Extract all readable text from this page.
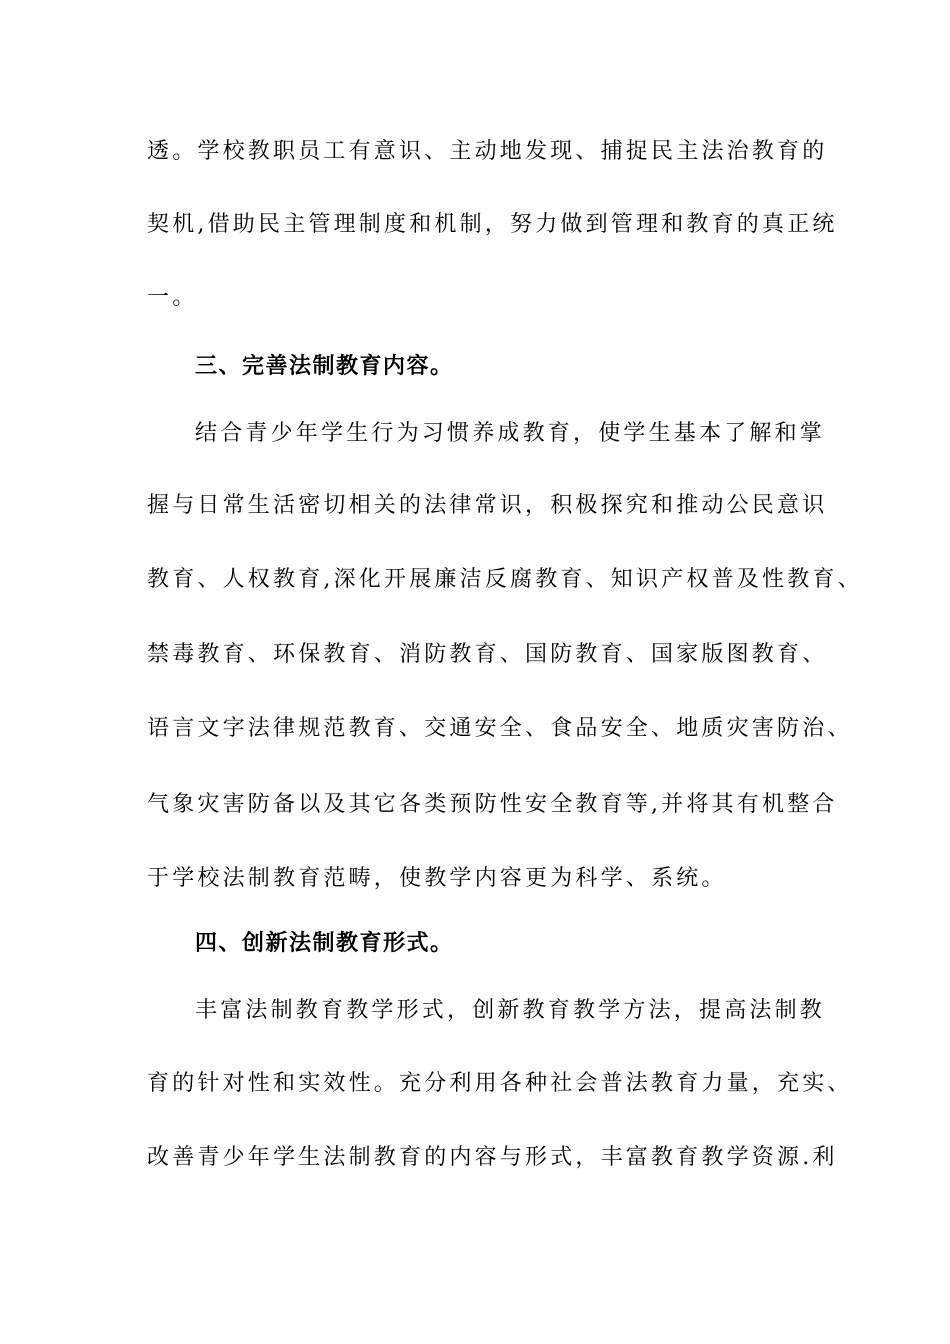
透。学校教职员工有意识、主动地发现、捕捉民主法治教育的
契机,借助民主管理制度和机制，努力做到管理和教育的真正统
一。
三、完善法制教育内容。
结合青少年学生行为习惯养成教育，使学生基本了解和掌
握与日常生活密切相关的法律常识，积极探究和推动公民意识
教育、人权教育,深化开展廉洁反腐教育、知识产权普及性教育、
禁毒教育、环保教育、消防教育、国防教育、国家版图教育、
语言文字法律规范教育、交通安全、食品安全、地质灾害防治、
气象灾害防备以及其它各类预防性安全教育等,并将其有机整合
于学校法制教育范畴，使教学内容更为科学、系统。
四、创新法制教育形式。
丰富法制教育教学形式，创新教育教学方法，提高法制教
育的针对性和实效性。充分利用各种社会普法教育力量，充实、
改善青少年学生法制教育的内容与形式，丰富教育教学资源.利
